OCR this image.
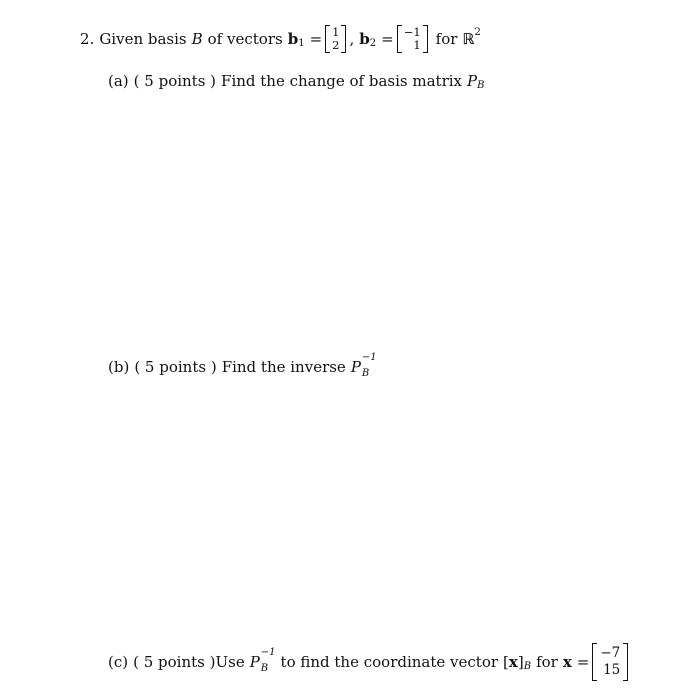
2. Given basis B of vectors b 1 = 1
2 , b 2 = −1
1 for ℝ 2
(a) ( 5 points ) Find the change of basis matrix P B
(b) ( 5 points ) Find the inverse P
−1
B
(c) ( 5 points ) Use P
−1
B to find the coordinate vector [ x ] B for x = −7
15
